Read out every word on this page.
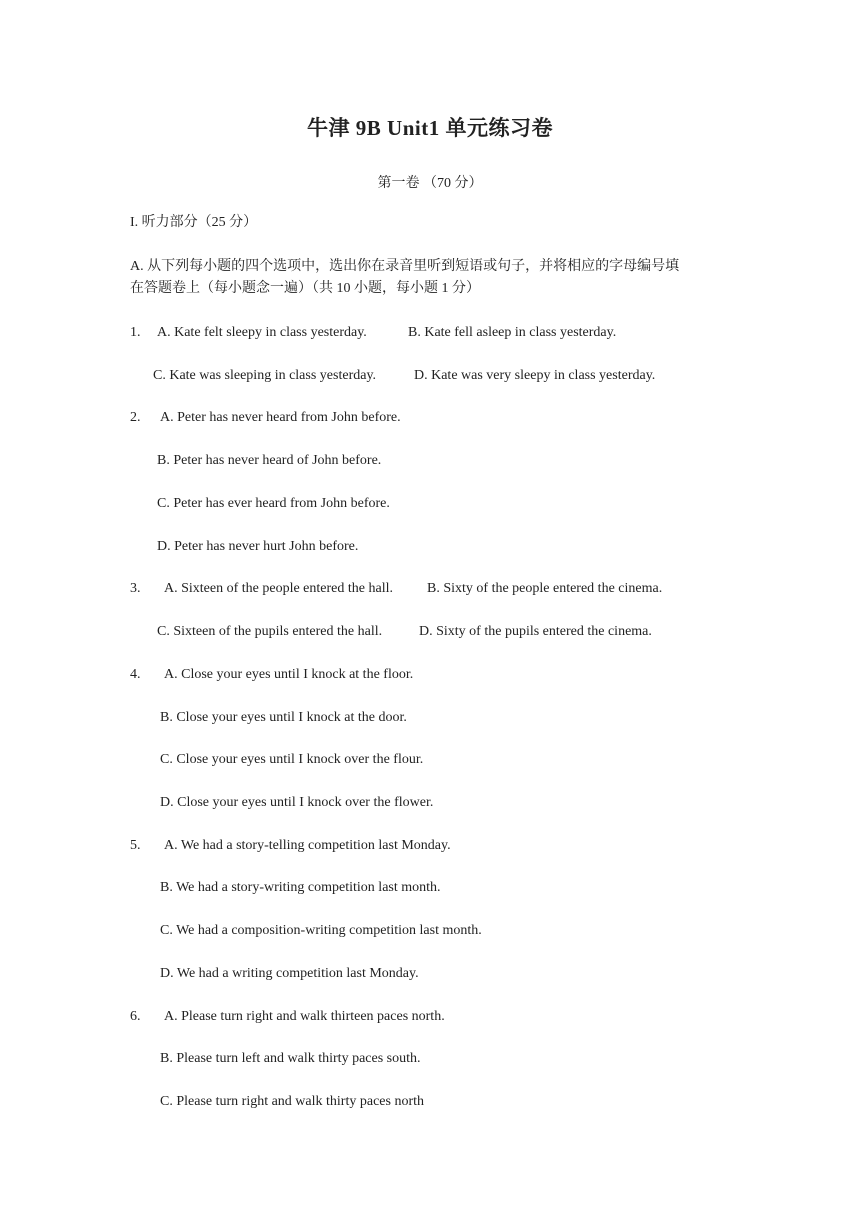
牛津 9B Unit1 单元练习卷
第一卷 （70 分）
I. 听力部分（25 分）
A. 从下列每小题的四个选项中，选出你在录音里听到短语或句子，并将相应的字母编号填
在答题卷上（每小题念一遍）（共 10 小题，每小题 1 分）
1. A. Kate felt sleepy in class yesterday.	B. Kate fell asleep in class yesterday.
C. Kate was sleeping in class yesterday.	D. Kate was very sleepy in class yesterday.
2. A. Peter has never heard from John before.
B. Peter has never heard of John before.
C. Peter has ever heard from John before.
D. Peter has never hurt John before.
3. A. Sixteen of the people entered the hall. B. Sixty of the people entered the cinema.
C. Sixteen of the pupils entered the hall.	D. Sixty of the pupils entered the cinema.
4. A. Close your eyes until I knock at the floor.
B. Close your eyes until I knock at the door.
C. Close your eyes until I knock over the flour.
D. Close your eyes until I knock over the flower.
5. A. We had a story-telling competition last Monday.
B. We had a story-writing competition last month.
C. We had a composition-writing competition last month.
D. We had a writing competition last Monday.
6. A. Please turn right and walk thirteen paces north.
B. Please turn left and walk thirty paces south.
C. Please turn right and walk thirty paces north
